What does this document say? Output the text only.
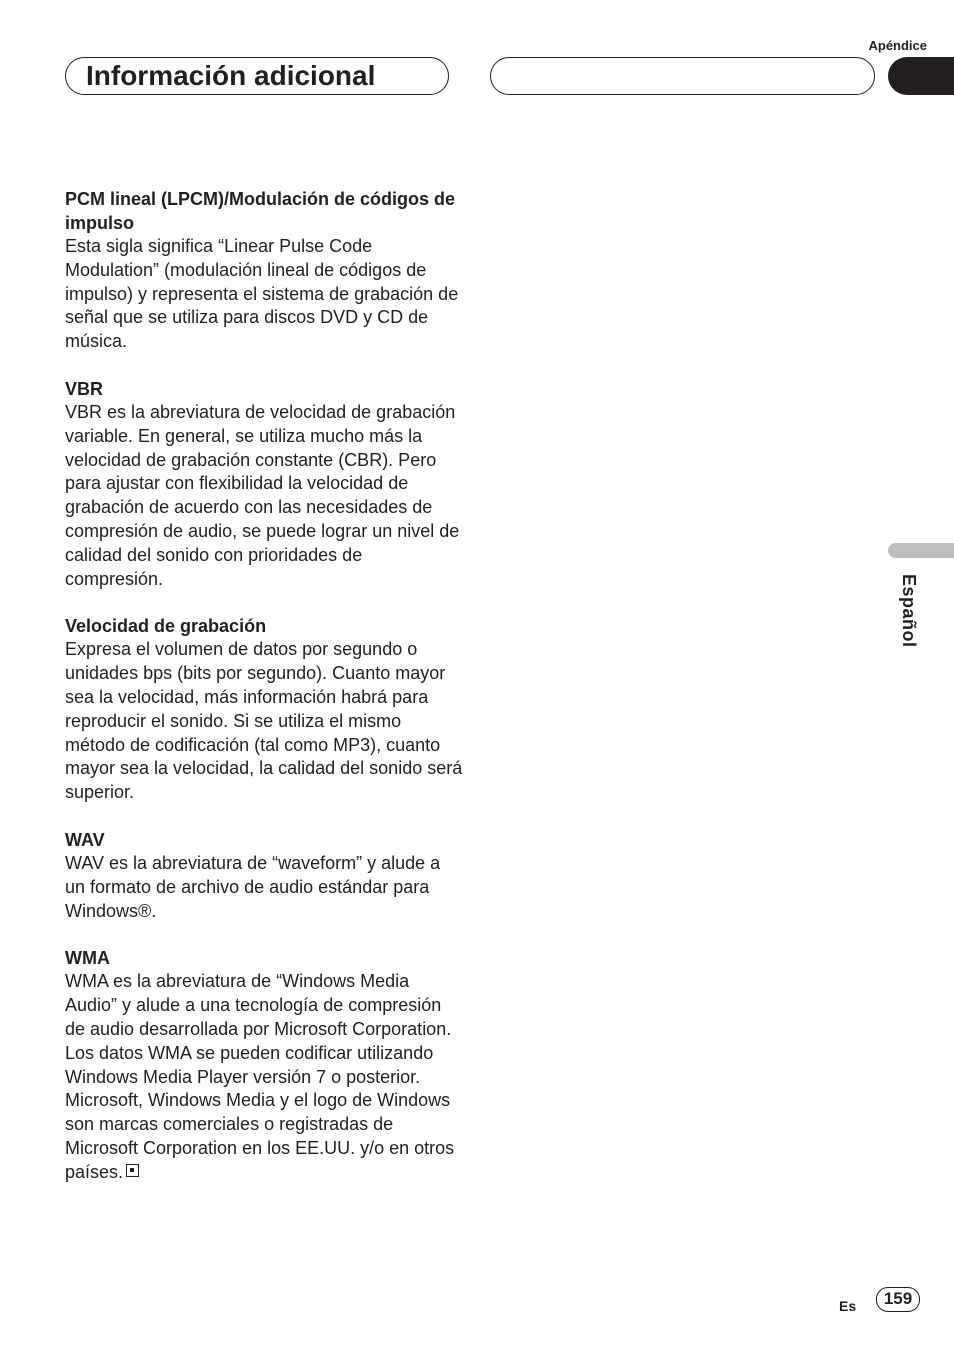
Apéndice
Información adicional

PCM lineal (LPCM)/Modulación de códigos de impulso

Esta sigla significa “Linear Pulse Code Modulation” (modulación lineal de códigos de impulso) y representa el sistema de grabación de señal que se utiliza para discos DVD y CD de música.

VBR

VBR es la abreviatura de velocidad de grabación variable. En general, se utiliza mucho más la velocidad de grabación constante (CBR). Pero para ajustar con flexibilidad la velocidad de grabación de acuerdo con las necesidades de compresión de audio, se puede lograr un nivel de calidad del sonido con prioridades de compresión.

Velocidad de grabación

Expresa el volumen de datos por segundo o unidades bps (bits por segundo). Cuanto mayor sea la velocidad, más información habrá para reproducir el sonido. Si se utiliza el mismo método de codificación (tal como MP3), cuanto mayor sea la velocidad, la calidad del sonido será superior.

WAV

WAV es la abreviatura de “waveform” y alude a un formato de archivo de audio estándar para Windows®.

WMA

WMA es la abreviatura de “Windows Media Audio” y alude a una tecnología de compresión de audio desarrollada por Microsoft Corporation. Los datos WMA se pueden codificar utilizando Windows Media Player versión 7 o posterior.

Microsoft, Windows Media y el logo de Windows son marcas comerciales o registradas de Microsoft Corporation en los EE.UU. y/o en otros países.

Español
Es	159
